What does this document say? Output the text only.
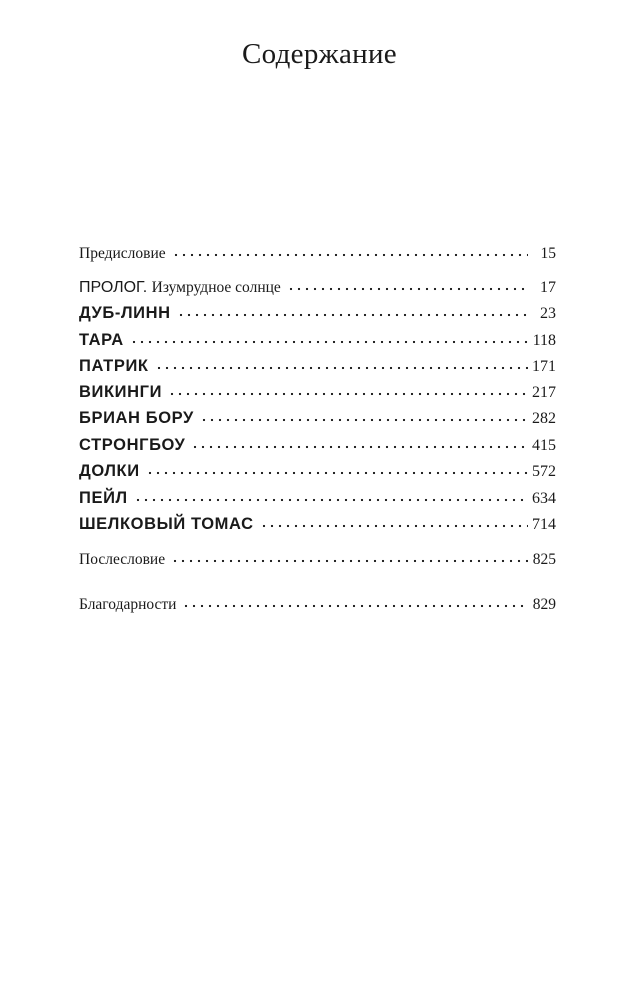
Содержание
Предисловие	15
ПРОЛОГ. Изумрудное солнце	17
ДУБ-ЛИНН	23
ТАРА	118
ПАТРИК	171
ВИКИНГИ	217
БРИАН БОРУ	282
СТРОНГБОУ	415
ДОЛКИ	572
ПЕЙЛ	634
ШЕЛКОВЫЙ ТОМАС	714
Послесловие	825
Благодарности	829
